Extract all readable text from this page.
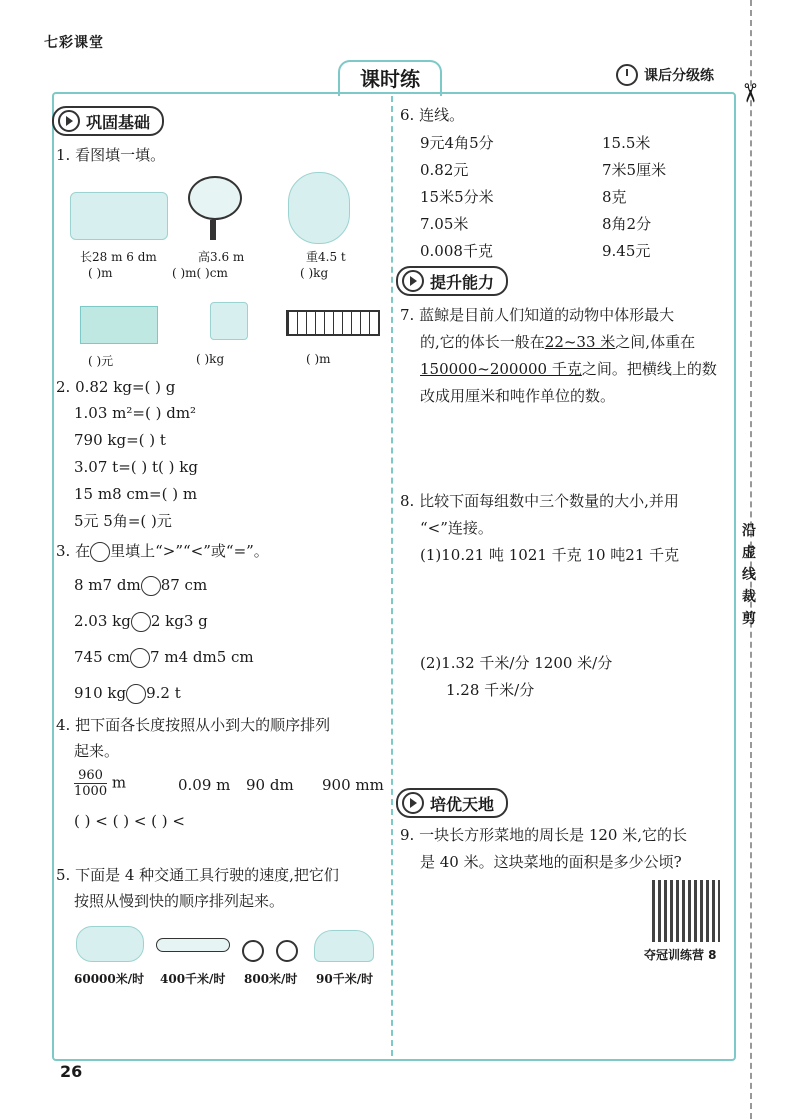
七彩课堂
课时练	课后分级练
✂
沿虚线裁剪
巩固基础
1. 看图填一填。
长28 m 6 dm	高3.6 m	重4.5 t
( )m	( )m( )cm	( )kg
( )元	( )kg	( )m
2. 0.82 kg=( ) g
1.03 m²=( ) dm²
790 kg=( ) t
3.07 t=( ) t( ) kg
15 m8 cm=( ) m
5元 5角=( )元
3. 在 里填上“>”“<”或“=”。
8 m7 dm 87 cm
2.03 kg 2 kg3 g
745 cm 7 m4 dm5 cm
910 kg 9.2 t
4. 把下面各长度按照从小到大的顺序排列
起来。
$\frac{960}{1000}$ m	0.09 m 90 dm 900 mm
( ) < ( ) < ( ) <
5. 下面是 4 种交通工具行驶的速度,把它们
按照从慢到快的顺序排列起来。
60000米/时 400千米/时 800米/时 90千米/时
6. 连线。
9元4角5分
0.82元
15米5分米
7.05米
0.008千克
15.5米
7米5厘米
8克
8角2分
9.45元
提升能力
7. 蓝鲸是目前人们知道的动物中体形最大
的,它的体长一般在22~33 米之间,体重在
150000~200000 千克之间。把横线上的数
改成用厘米和吨作单位的数。
8. 比较下面每组数中三个数量的大小,并用
“<”连接。
(1)10.21 吨 1021 千克 10 吨21 千克
(2)1.32 千米/分 1200 米/分
1.28 千米/分
培优天地
9. 一块长方形菜地的周长是 120 米,它的长
是 40 米。这块菜地的面积是多少公顷?
夺冠训练营 8
26
